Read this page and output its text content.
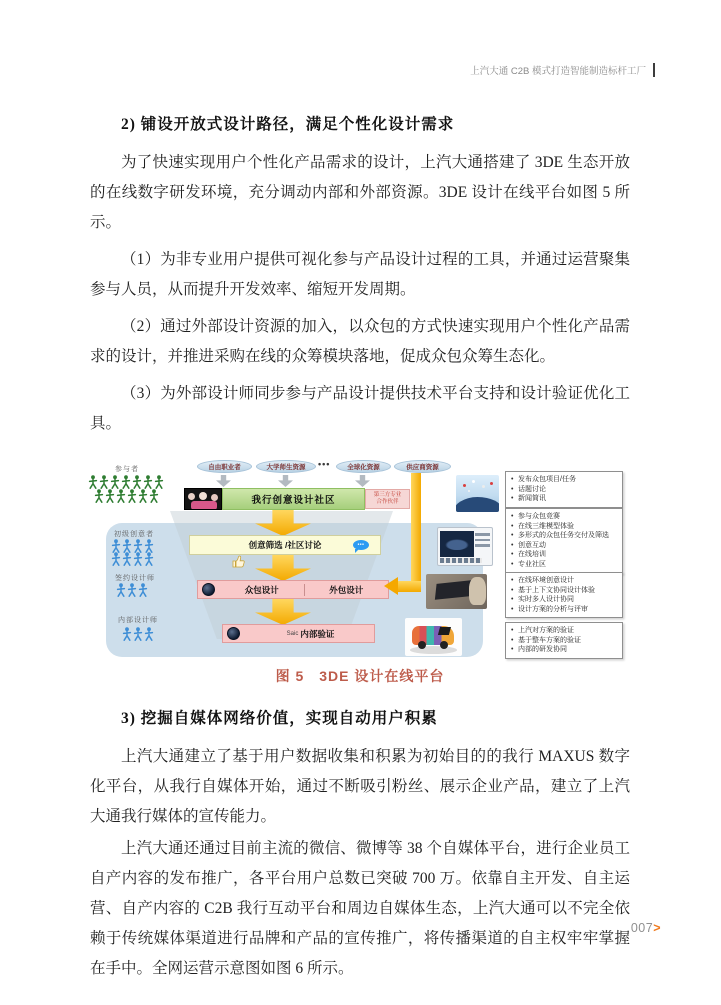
上汽大通 C2B 模式打造智能制造标杆工厂
2) 铺设开放式设计路径，满足个性化设计需求

为了快速实现用户个性化产品需求的设计，上汽大通搭建了 3DE 生态开放的在线数字研发环境，充分调动内部和外部资源。3DE 设计在线平台如图 5 所示。

（1）为非专业用户提供可视化参与产品设计过程的工具，并通过运营聚集参与人员，从而提升开发效率、缩短开发周期。

（2）通过外部设计资源的加入，以众包的方式快速实现用户个性化产品需求的设计，并推进采购在线的众筹模块落地，促成众包众筹生态化。

（3）为外部设计师同步参与产品设计提供技术平台支持和设计验证优化工具。

参与者
初级创意者
签约设计师
内部设计师
自由职业者	大学师生资源	•••	全球化资源	供应商资源
我行创意设计社区	第三方专业
合作伙伴
创意筛选 /社区讨论	•••
众包设计	外包设计
Saic 内部验证
• 发布众包项目/任务
• 话题讨论
• 新闻简讯
• 参与众包竞赛
• 在线三维模型体验
• 多形式的众包任务交付及筛选
• 创意互动
• 在线培训
• 专业社区
• 在线环境创意设计
• 基于上下文协同设计体验
• 实时多人设计协同
• 设计方案的分析与评审
• 上汽对方案的验证
• 基于整车方案的验证
• 内部的研发协同
图 5　3DE 设计在线平台
3) 挖掘自媒体网络价值，实现自动用户积累

上汽大通建立了基于用户数据收集和积累为初始目的的我行 MAXUS 数字化平台，从我行自媒体开始，通过不断吸引粉丝、展示企业产品，建立了上汽大通我行媒体的宣传能力。

上汽大通还通过目前主流的微信、微博等 38 个自媒体平台，进行企业员工自产内容的发布推广，各平台用户总数已突破 700 万。依靠自主开发、自主运营、自产内容的 C2B 我行互动平台和周边自媒体生态，上汽大通可以不完全依赖于传统媒体渠道进行品牌和产品的宣传推广，将传播渠道的自主权牢牢掌握在手中。全网运营示意图如图 6 所示。

007>
